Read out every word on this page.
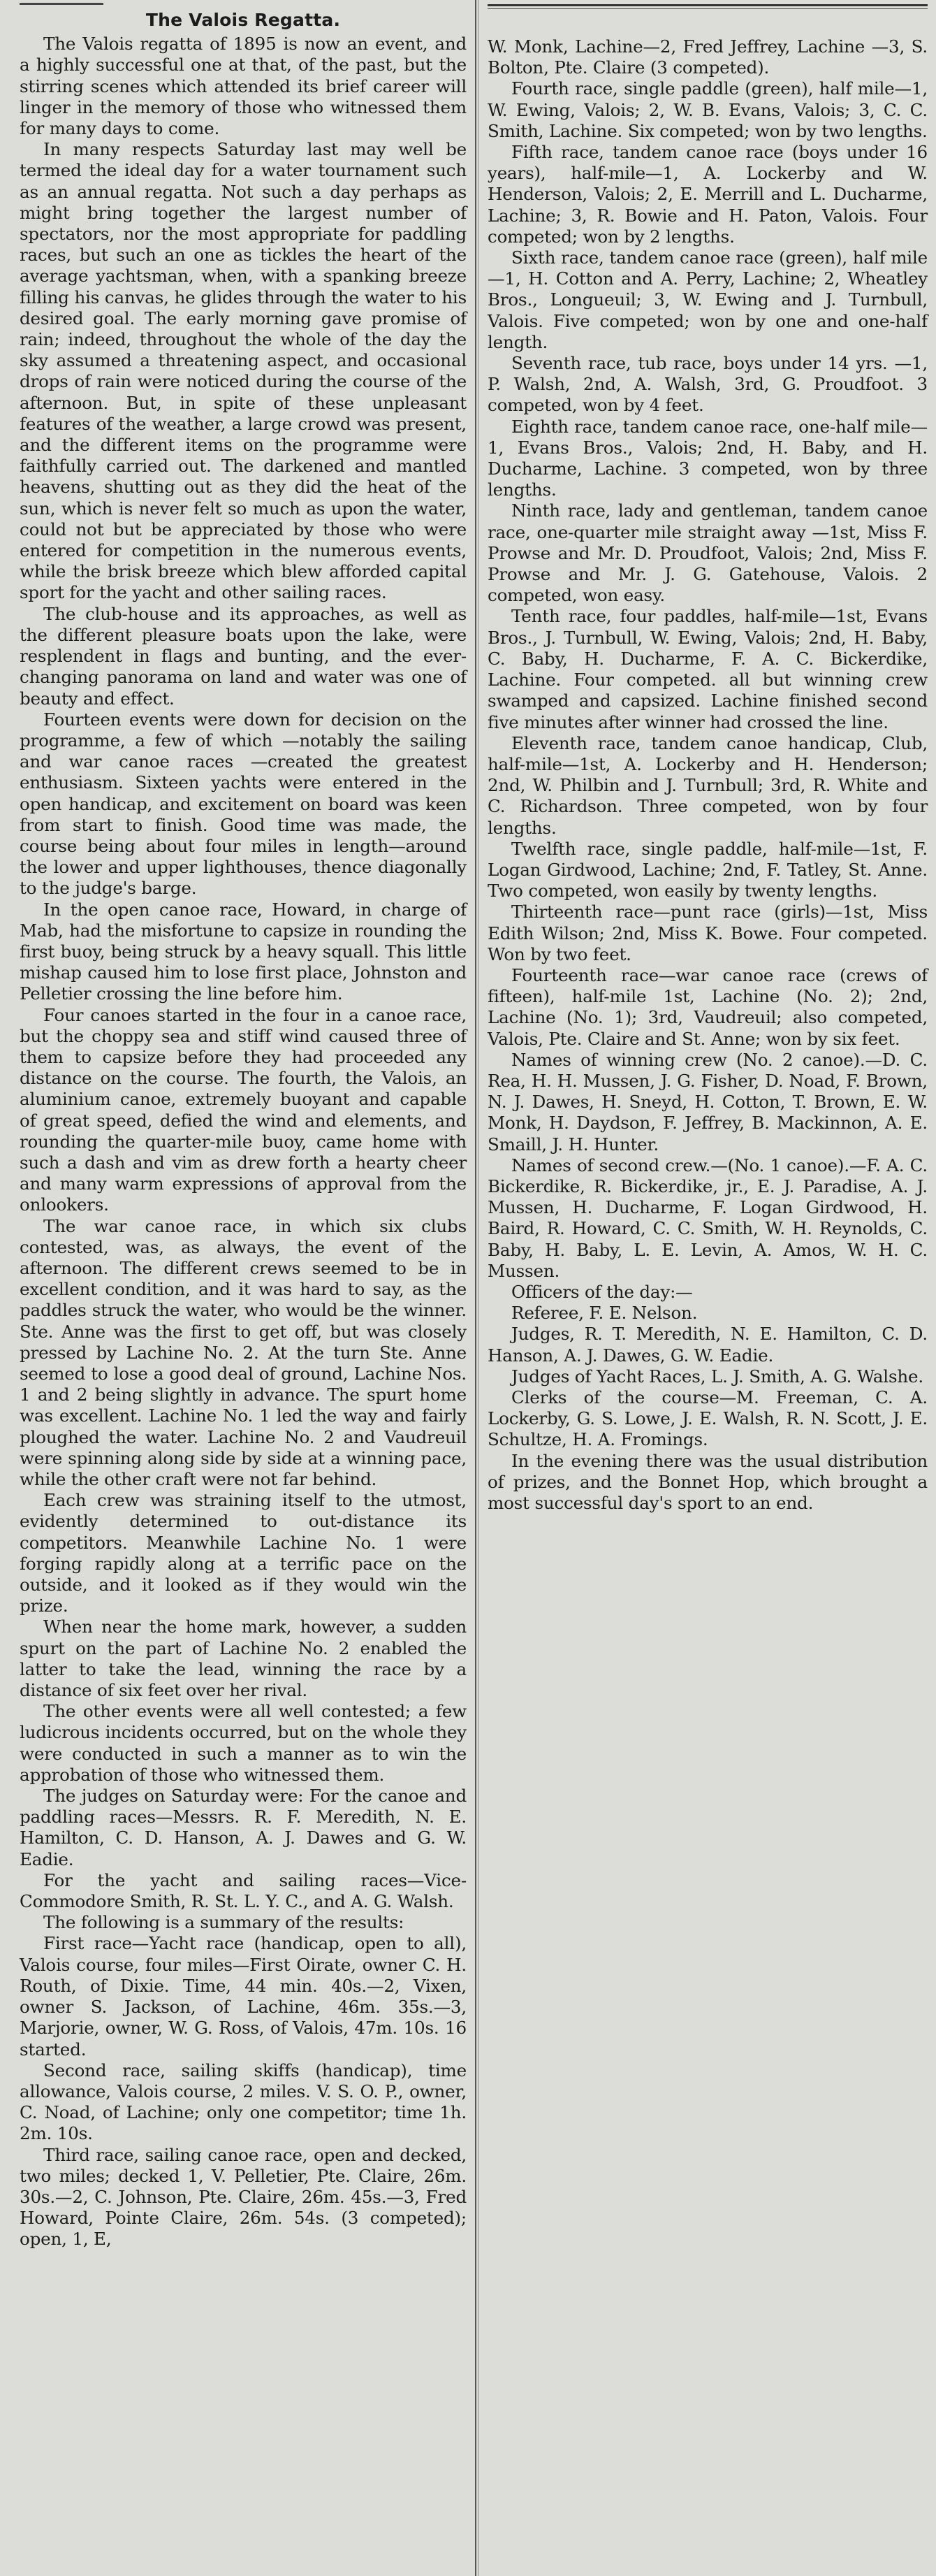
The Valois Regatta.

The Valois regatta of 1895 is now an event, and a highly successful one at that, of the past, but the stirring scenes which attended its brief career will linger in the memory of those who witnessed them for many days to come.

In many respects Saturday last may well be termed the ideal day for a water tournament such as an annual regatta. Not such a day perhaps as might bring together the largest number of spectators, nor the most appropriate for paddling races, but such an one as tickles the heart of the average yachtsman, when, with a spanking breeze filling his canvas, he glides through the water to his desired goal. The early morning gave promise of rain; indeed, throughout the whole of the day the sky assumed a threatening aspect, and occasional drops of rain were noticed during the course of the afternoon. But, in spite of these unpleasant features of the weather, a large crowd was present, and the different items on the programme were faithfully carried out. The darkened and mantled heavens, shutting out as they did the heat of the sun, which is never felt so much as upon the water, could not but be appreciated by those who were entered for competition in the numerous events, while the brisk breeze which blew afforded capital sport for the yacht and other sailing races.

The club-house and its approaches, as well as the different pleasure boats upon the lake, were resplendent in flags and bunting, and the ever-changing panorama on land and water was one of beauty and effect.

Fourteen events were down for decision on the programme, a few of which —notably the sailing and war canoe races —created the greatest enthusiasm. Sixteen yachts were entered in the open handicap, and excitement on board was keen from start to finish. Good time was made, the course being about four miles in length—around the lower and upper lighthouses, thence diagonally to the judge's barge.

In the open canoe race, Howard, in charge of Mab, had the misfortune to capsize in rounding the first buoy, being struck by a heavy squall. This little mishap caused him to lose first place, Johnston and Pelletier crossing the line before him.

Four canoes started in the four in a canoe race, but the choppy sea and stiff wind caused three of them to capsize before they had proceeded any distance on the course. The fourth, the Valois, an aluminium canoe, extremely buoyant and capable of great speed, defied the wind and elements, and rounding the quarter-mile buoy, came home with such a dash and vim as drew forth a hearty cheer and many warm expressions of approval from the onlookers.

The war canoe race, in which six clubs contested, was, as always, the event of the afternoon. The different crews seemed to be in excellent condition, and it was hard to say, as the paddles struck the water, who would be the winner. Ste. Anne was the first to get off, but was closely pressed by Lachine No. 2. At the turn Ste. Anne seemed to lose a good deal of ground, Lachine Nos. 1 and 2 being slightly in advance. The spurt home was excellent. Lachine No. 1 led the way and fairly ploughed the water. Lachine No. 2 and Vaudreuil were spinning along side by side at a winning pace, while the other craft were not far behind.

Each crew was straining itself to the utmost, evidently determined to out-distance its competitors. Meanwhile Lachine No. 1 were forging rapidly along at a terrific pace on the outside, and it looked as if they would win the prize.

When near the home mark, however, a sudden spurt on the part of Lachine No. 2 enabled the latter to take the lead, winning the race by a distance of six feet over her rival.

The other events were all well contested; a few ludicrous incidents occurred, but on the whole they were conducted in such a manner as to win the approbation of those who witnessed them.

The judges on Saturday were: For the canoe and paddling races—Messrs. R. F. Meredith, N. E. Hamilton, C. D. Hanson, A. J. Dawes and G. W. Eadie.

For the yacht and sailing races—Vice-Commodore Smith, R. St. L. Y. C., and A. G. Walsh.

The following is a summary of the results:

First race—Yacht race (handicap, open to all), Valois course, four miles—First Oirate, owner C. H. Routh, of Dixie. Time, 44 min. 40s.—2, Vixen, owner S. Jackson, of Lachine, 46m. 35s.—3, Marjorie, owner, W. G. Ross, of Valois, 47m. 10s. 16 started.

Second race, sailing skiffs (handicap), time allowance, Valois course, 2 miles. V. S. O. P., owner, C. Noad, of Lachine; only one competitor; time 1h. 2m. 10s.

Third race, sailing canoe race, open and decked, two miles; decked 1, V. Pelletier, Pte. Claire, 26m. 30s.—2, C. Johnson, Pte. Claire, 26m. 45s.—3, Fred Howard, Pointe Claire, 26m. 54s. (3 competed); open, 1, E,

W. Monk, Lachine—2, Fred Jeffrey, Lachine —3, S. Bolton, Pte. Claire (3 competed).

Fourth race, single paddle (green), half mile—1, W. Ewing, Valois; 2, W. B. Evans, Valois; 3, C. C. Smith, Lachine. Six competed; won by two lengths.

Fifth race, tandem canoe race (boys under 16 years), half-mile—1, A. Lockerby and W. Henderson, Valois; 2, E. Merrill and L. Ducharme, Lachine; 3, R. Bowie and H. Paton, Valois. Four competed; won by 2 lengths.

Sixth race, tandem canoe race (green), half mile—1, H. Cotton and A. Perry, Lachine; 2, Wheatley Bros., Longueuil; 3, W. Ewing and J. Turnbull, Valois. Five competed; won by one and one-half length.

Seventh race, tub race, boys under 14 yrs. —1, P. Walsh, 2nd, A. Walsh, 3rd, G. Proudfoot. 3 competed, won by 4 feet.

Eighth race, tandem canoe race, one-half mile—1, Evans Bros., Valois; 2nd, H. Baby, and H. Ducharme, Lachine. 3 competed, won by three lengths.

Ninth race, lady and gentleman, tandem canoe race, one-quarter mile straight away —1st, Miss F. Prowse and Mr. D. Proudfoot, Valois; 2nd, Miss F. Prowse and Mr. J. G. Gatehouse, Valois. 2 competed, won easy.

Tenth race, four paddles, half-mile—1st, Evans Bros., J. Turnbull, W. Ewing, Valois; 2nd, H. Baby, C. Baby, H. Ducharme, F. A. C. Bickerdike, Lachine. Four competed. all but winning crew swamped and capsized. Lachine finished second five minutes after winner had crossed the line.

Eleventh race, tandem canoe handicap, Club, half-mile—1st, A. Lockerby and H. Henderson; 2nd, W. Philbin and J. Turnbull; 3rd, R. White and C. Richardson. Three competed, won by four lengths.

Twelfth race, single paddle, half-mile—1st, F. Logan Girdwood, Lachine; 2nd, F. Tatley, St. Anne. Two competed, won easily by twenty lengths.

Thirteenth race—punt race (girls)—1st, Miss Edith Wilson; 2nd, Miss K. Bowe. Four competed. Won by two feet.

Fourteenth race—war canoe race (crews of fifteen), half-mile 1st, Lachine (No. 2); 2nd, Lachine (No. 1); 3rd, Vaudreuil; also competed, Valois, Pte. Claire and St. Anne; won by six feet.

Names of winning crew (No. 2 canoe).—D. C. Rea, H. H. Mussen, J. G. Fisher, D. Noad, F. Brown, N. J. Dawes, H. Sneyd, H. Cotton, T. Brown, E. W. Monk, H. Daydson, F. Jeffrey, B. Mackinnon, A. E. Smaill, J. H. Hunter.

Names of second crew.—(No. 1 canoe).—F. A. C. Bickerdike, R. Bickerdike, jr., E. J. Paradise, A. J. Mussen, H. Ducharme, F. Logan Girdwood, H. Baird, R. Howard, C. C. Smith, W. H. Reynolds, C. Baby, H. Baby, L. E. Levin, A. Amos, W. H. C. Mussen.

Officers of the day:—

Referee, F. E. Nelson.

Judges, R. T. Meredith, N. E. Hamilton, C. D. Hanson, A. J. Dawes, G. W. Eadie.

Judges of Yacht Races, L. J. Smith, A. G. Walshe.

Clerks of the course—M. Freeman, C. A. Lockerby, G. S. Lowe, J. E. Walsh, R. N. Scott, J. E. Schultze, H. A. Fromings.

In the evening there was the usual distribution of prizes, and the Bonnet Hop, which brought a most successful day's sport to an end.
